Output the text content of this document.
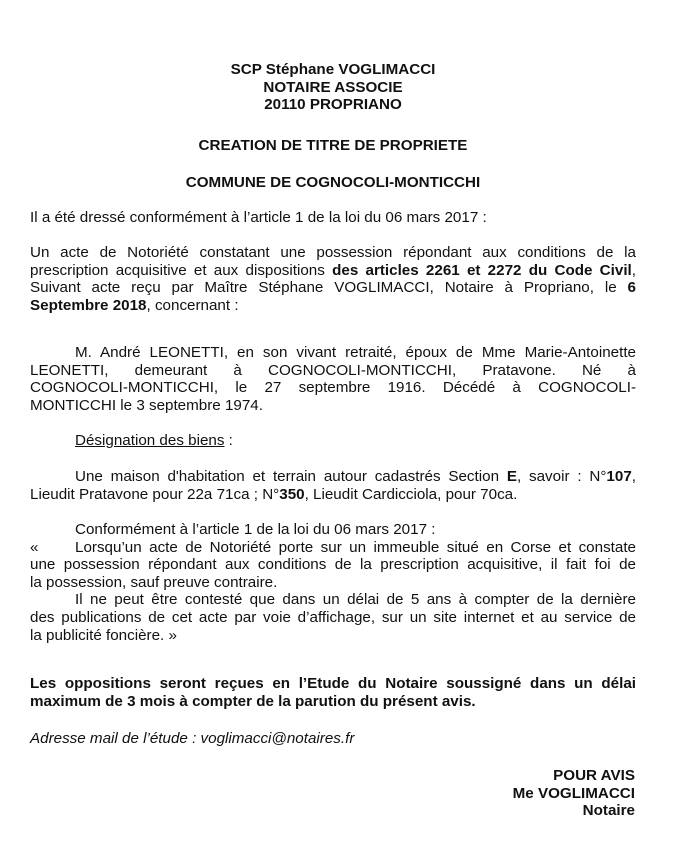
SCP Stéphane VOGLIMACCI
NOTAIRE ASSOCIE
20110 PROPRIANO
CREATION DE TITRE DE PROPRIETE
COMMUNE DE COGNOCOLI-MONTICCHI
Il a été dressé conformément à l’article 1 de la loi du 06 mars 2017 :
Un acte de Notoriété constatant une possession répondant aux conditions de la
prescription acquisitive et aux dispositions des articles 2261 et 2272 du Code Civil,
Suivant acte reçu par Maître Stéphane VOGLIMACCI, Notaire à Propriano, le 6
Septembre 2018, concernant :
M. André LEONETTI, en son vivant retraité, époux de Mme Marie-Antoinette
LEONETTI, demeurant à COGNOCOLI-MONTICCHI, Pratavone. Né à
COGNOCOLI-MONTICCHI, le 27 septembre 1916. Décédé à COGNOCOLI-
MONTICCHI le 3 septembre 1974.
Désignation des biens :
Une maison d'habitation et terrain autour cadastrés Section E, savoir : N°107,
Lieudit Pratavone pour 22a 71ca ; N°350, Lieudit Cardicciola, pour 70ca.
Conformément à l’article 1 de la loi du 06 mars 2017 :
« Lorsqu’un acte de Notoriété porte sur un immeuble situé en Corse et constate
une possession répondant aux conditions de la prescription acquisitive, il fait foi de
la possession, sauf preuve contraire.
Il ne peut être contesté que dans un délai de 5 ans à compter de la dernière
des publications de cet acte par voie d’affichage, sur un site internet et au service de
la publicité foncière. »
Les oppositions seront reçues en l’Etude du Notaire soussigné dans un délai
maximum de 3 mois à compter de la parution du présent avis.
Adresse mail de l’étude : voglimacci@notaires.fr
POUR AVIS
Me VOGLIMACCI
Notaire
